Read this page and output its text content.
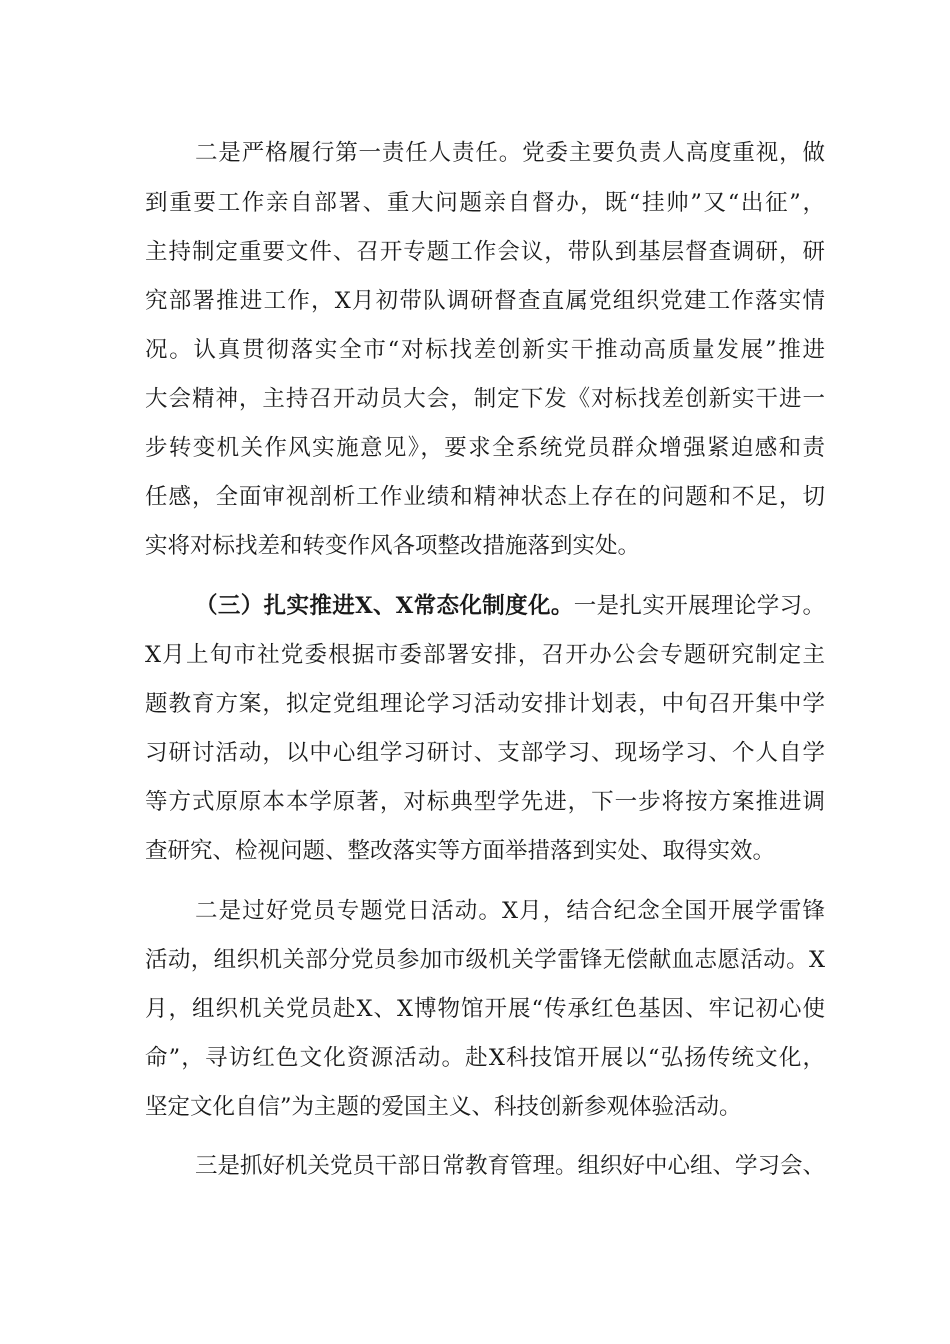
二是严格履行第一责任人责任。党委主要负责人高度重视，做
到重要工作亲自部署、重大问题亲自督办，既“挂帅”又“出征”，
主持制定重要文件、召开专题工作会议，带队到基层督查调研，研
究部署推进工作，X月初带队调研督查直属党组织党建工作落实情
况。认真贯彻落实全市“对标找差创新实干推动高质量发展”推进
大会精神，主持召开动员大会，制定下发《对标找差创新实干进一
步转变机关作风实施意见》，要求全系统党员群众增强紧迫感和责
任感，全面审视剖析工作业绩和精神状态上存在的问题和不足，切
实将对标找差和转变作风各项整改措施落到实处。
（三）扎实推进X、X常态化制度化。一是扎实开展理论学习。
X月上旬市社党委根据市委部署安排，召开办公会专题研究制定主
题教育方案，拟定党组理论学习活动安排计划表，中旬召开集中学
习研讨活动，以中心组学习研讨、支部学习、现场学习、个人自学
等方式原原本本学原著，对标典型学先进，下一步将按方案推进调
查研究、检视问题、整改落实等方面举措落到实处、取得实效。
二是过好党员专题党日活动。X月，结合纪念全国开展学雷锋
活动，组织机关部分党员参加市级机关学雷锋无偿献血志愿活动。X
月，组织机关党员赴X、X博物馆开展“传承红色基因、牢记初心使
命”，寻访红色文化资源活动。赴X科技馆开展以“弘扬传统文化，
坚定文化自信”为主题的爱国主义、科技创新参观体验活动。
三是抓好机关党员干部日常教育管理。组织好中心组、学习会、
